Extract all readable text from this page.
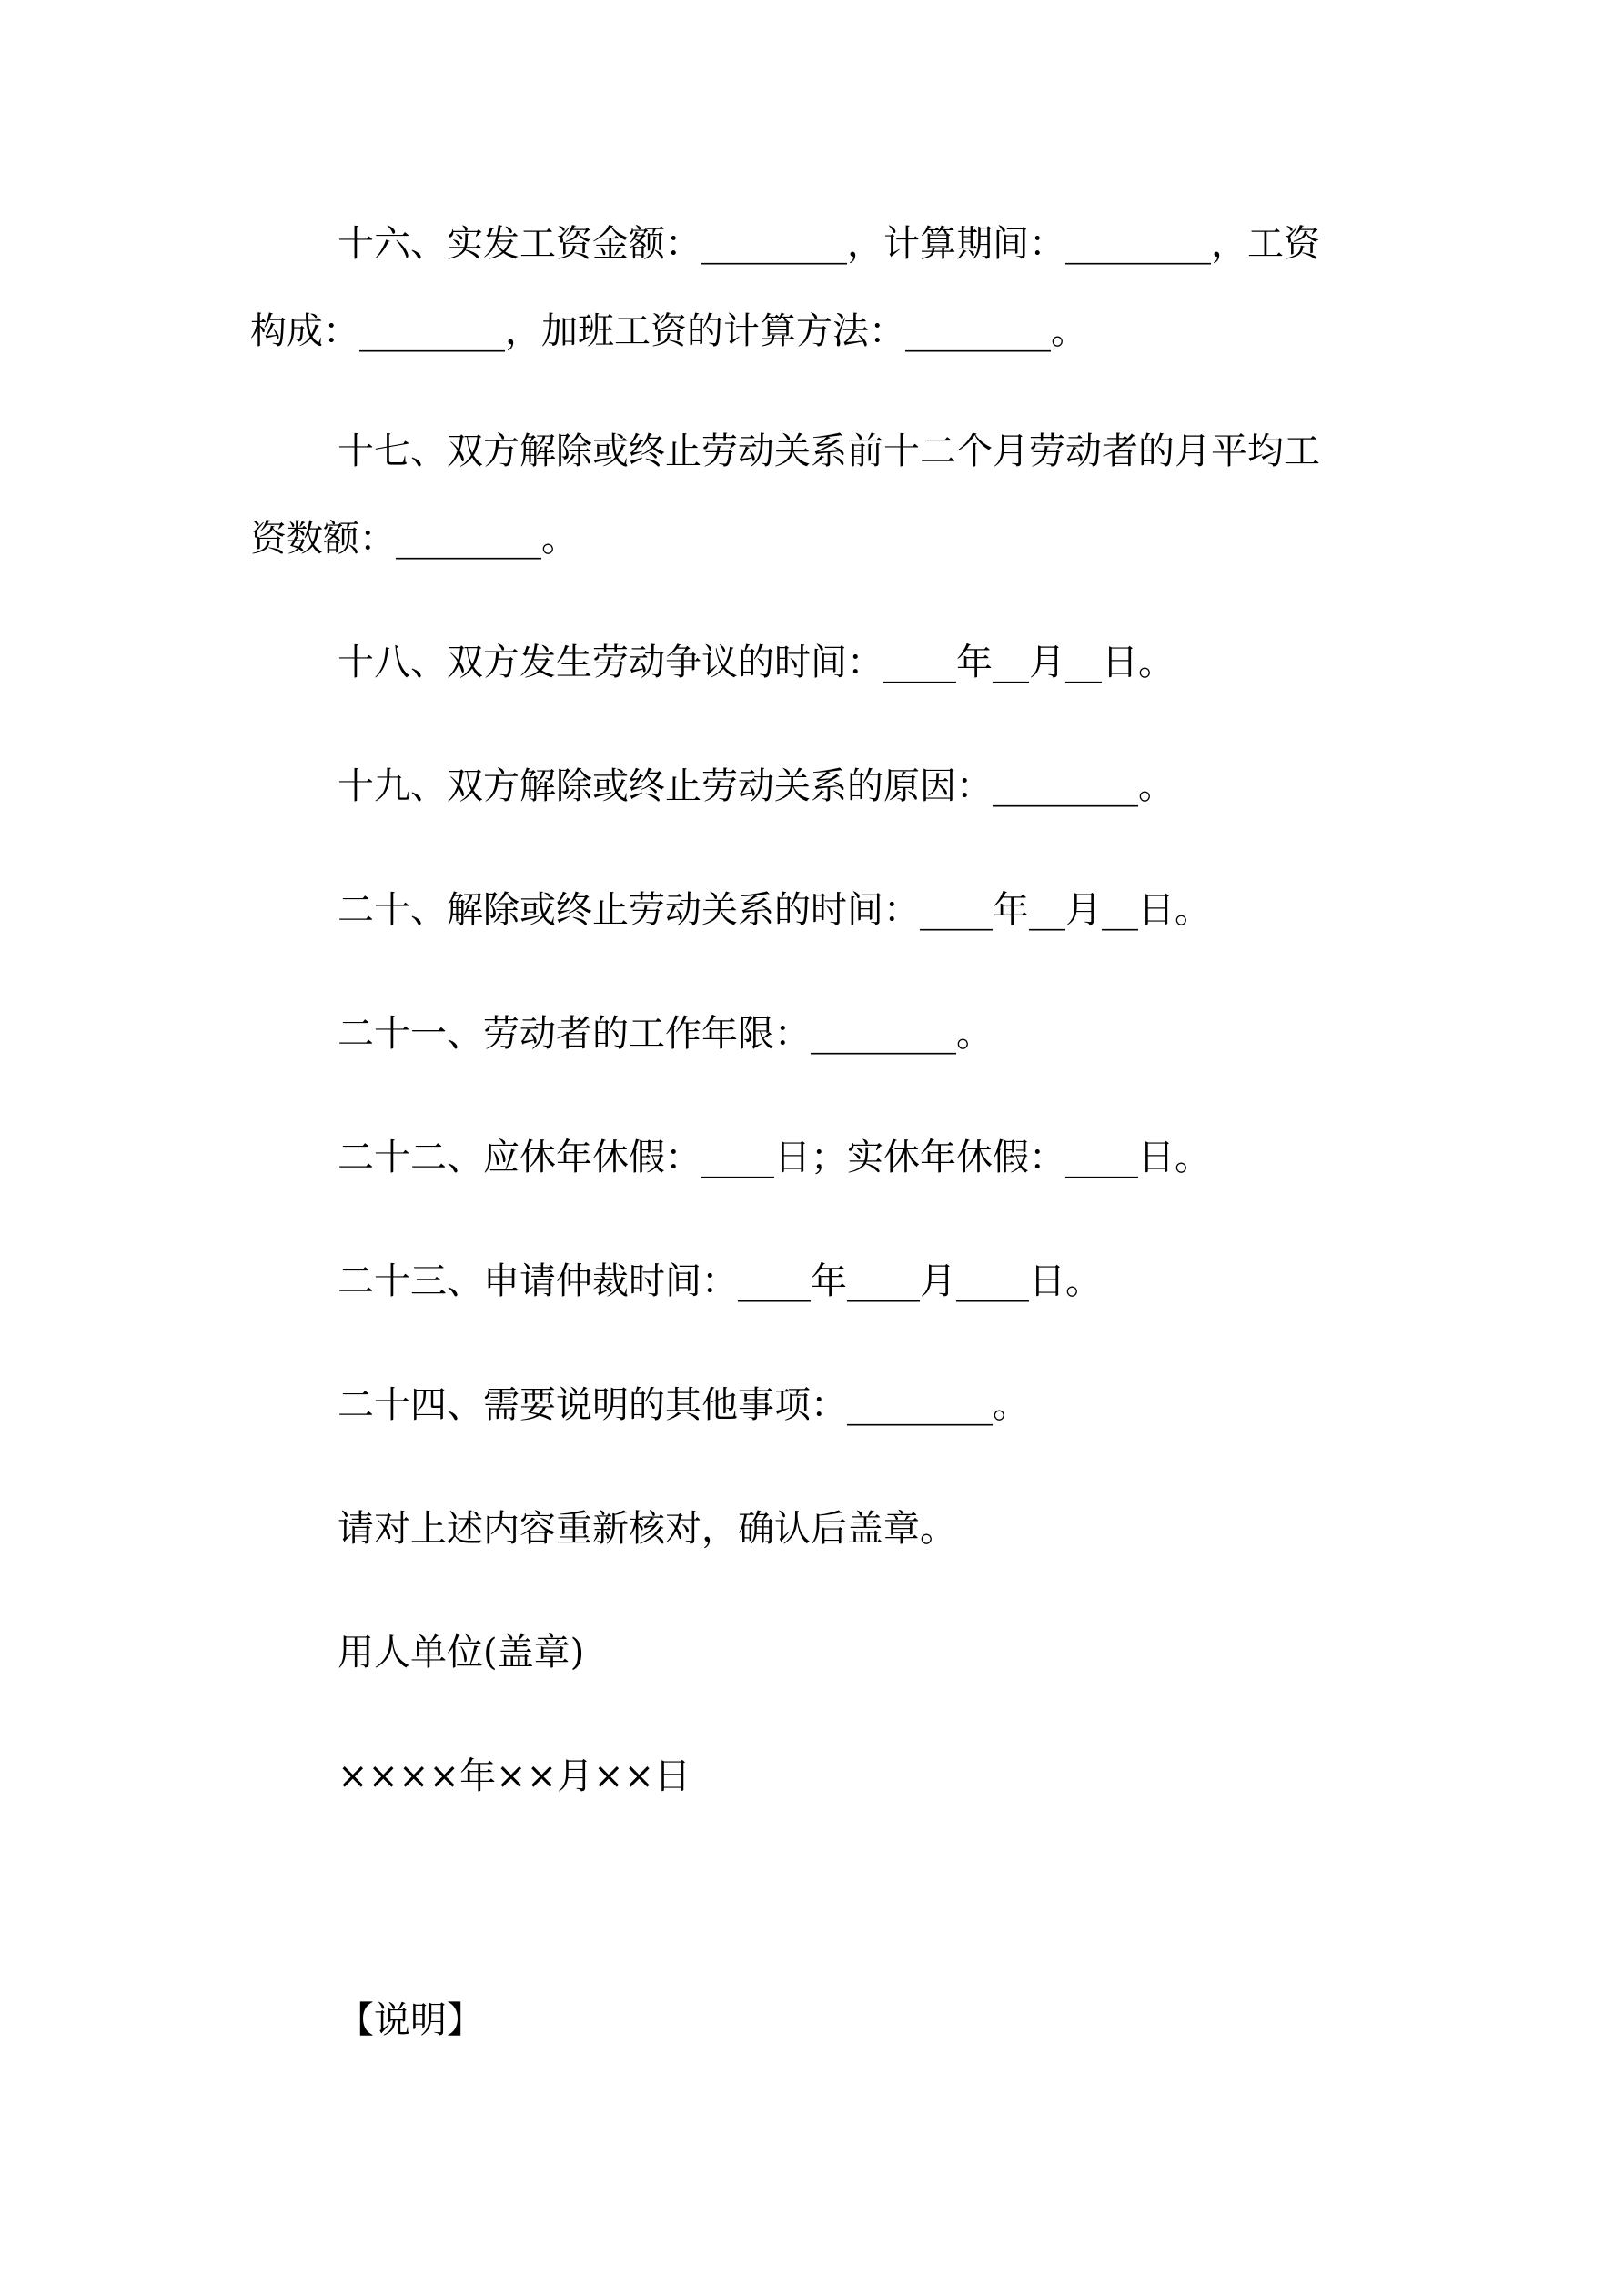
十六、实发工资金额：________，计算期间：________，工资
构成：________，加班工资的计算方法：________。
十七、双方解除或终止劳动关系前十二个月劳动者的月平均工
资数额：________。
十八、双方发生劳动争议的时间：____年__月__日。
十九、双方解除或终止劳动关系的原因：________。
二十、解除或终止劳动关系的时间：____年__月__日。
二十一、劳动者的工作年限：________。
二十二、应休年休假：____日；实休年休假：____日。
二十三、申请仲裁时间：____年____月____日。
二十四、需要说明的其他事项：________。
请对上述内容重新核对，确认后盖章。
用人单位(盖章)
××××年××月××日
【说明】
